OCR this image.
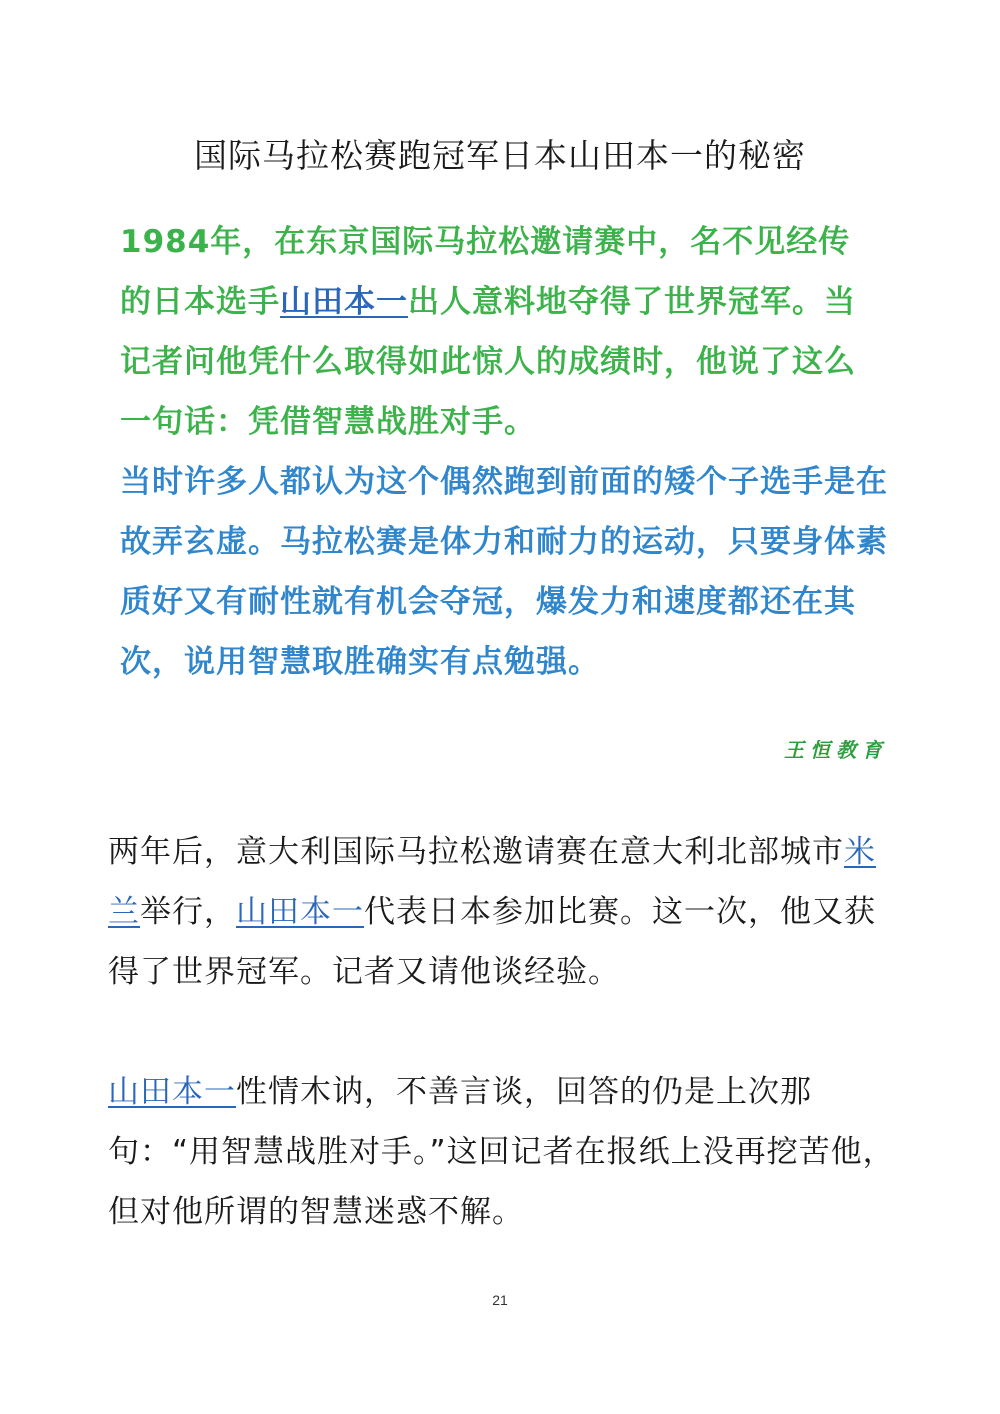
国际马拉松赛跑冠军日本山田本一的秘密

1984年，在东京国际马拉松邀请赛中，名不见经传的日本选手山田本一出人意料地夺得了世界冠军。当记者问他凭什么取得如此惊人的成绩时，他说了这么一句话：凭借智慧战胜对手。

当时许多人都认为这个偶然跑到前面的矮个子选手是在故弄玄虚。马拉松赛是体力和耐力的运动，只要身体素质好又有耐性就有机会夺冠，爆发力和速度都还在其次，说用智慧取胜确实有点勉强。

王恒教育

两年后，意大利国际马拉松邀请赛在意大利北部城市米兰举行，山田本一代表日本参加比赛。这一次，他又获得了世界冠军。记者又请他谈经验。

山田本一性情木讷，不善言谈，回答的仍是上次那句：“用智慧战胜对手。”这回记者在报纸上没再挖苦他，但对他所谓的智慧迷惑不解。

21
